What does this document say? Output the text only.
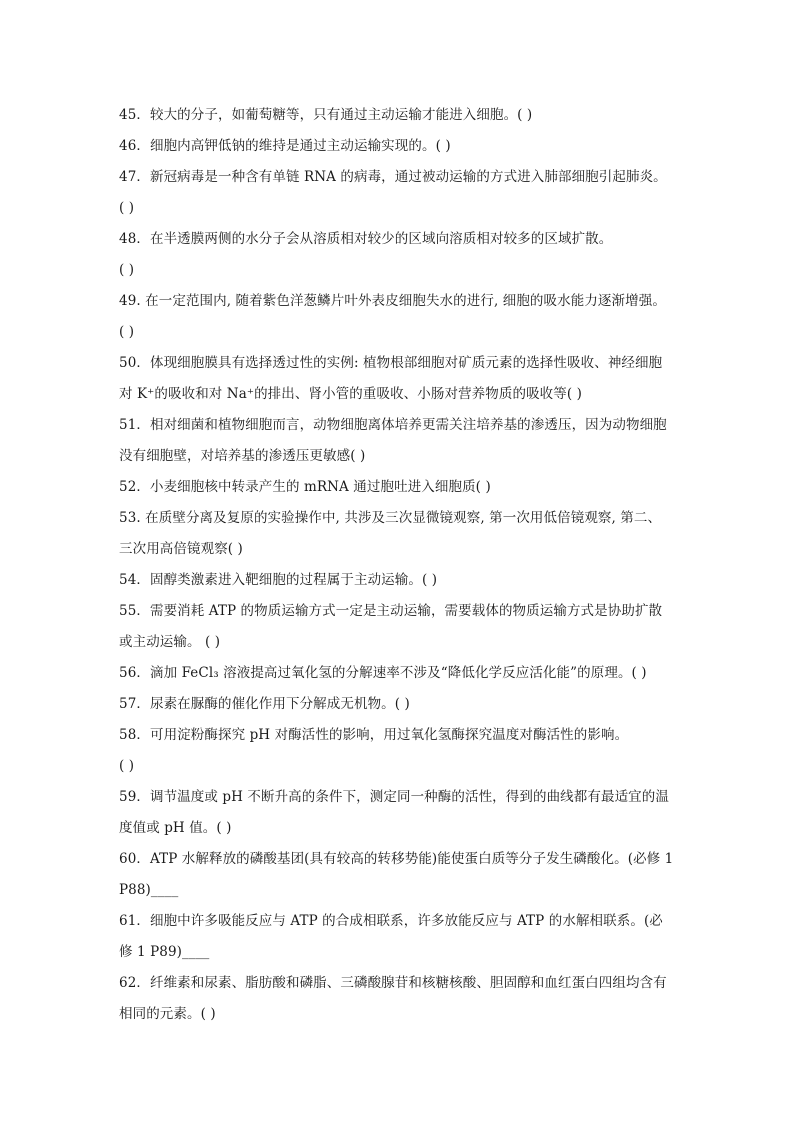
45．较大的分子，如葡萄糖等，只有通过主动运输才能进入细胞。( )
46．细胞内高钾低钠的维持是通过主动运输实现的。( )
47．新冠病毒是一种含有单链 RNA 的病毒，通过被动运输的方式进入肺部细胞引起肺炎。
( )
48．在半透膜两侧的水分子会从溶质相对较少的区域向溶质相对较多的区域扩散。
( )
49. 在一定范围内, 随着紫色洋葱鳞片叶外表皮细胞失水的进行, 细胞的吸水能力逐渐增强。
( )
50．体现细胞膜具有选择透过性的实例: 植物根部细胞对矿质元素的选择性吸收、神经细胞
对 K⁺的吸收和对 Na⁺的排出、肾小管的重吸收、小肠对营养物质的吸收等( )
51．相对细菌和植物细胞而言，动物细胞离体培养更需关注培养基的渗透压，因为动物细胞
没有细胞壁，对培养基的渗透压更敏感( )
52．小麦细胞核中转录产生的 mRNA 通过胞吐进入细胞质( )
53. 在质壁分离及复原的实验操作中, 共涉及三次显微镜观察, 第一次用低倍镜观察, 第二、
三次用高倍镜观察( )
54．固醇类激素进入靶细胞的过程属于主动运输。( )
55．需要消耗 ATP 的物质运输方式一定是主动运输，需要载体的物质运输方式是协助扩散
或主动运输。 ( )
56．滴加 FeCl₃ 溶液提高过氧化氢的分解速率不涉及“降低化学反应活化能”的原理。( )
57．尿素在脲酶的催化作用下分解成无机物。( )
58．可用淀粉酶探究 pH 对酶活性的影响，用过氧化氢酶探究温度对酶活性的影响。
( )
59．调节温度或 pH 不断升高的条件下，测定同一种酶的活性，得到的曲线都有最适宜的温
度值或 pH 值。( )
60．ATP 水解释放的磷酸基团(具有较高的转移势能)能使蛋白质等分子发生磷酸化。(必修 1
P88)____
61．细胞中许多吸能反应与 ATP 的合成相联系，许多放能反应与 ATP 的水解相联系。(必
修 1 P89)____
62．纤维素和尿素、脂肪酸和磷脂、三磷酸腺苷和核糖核酸、胆固醇和血红蛋白四组均含有
相同的元素。( )
